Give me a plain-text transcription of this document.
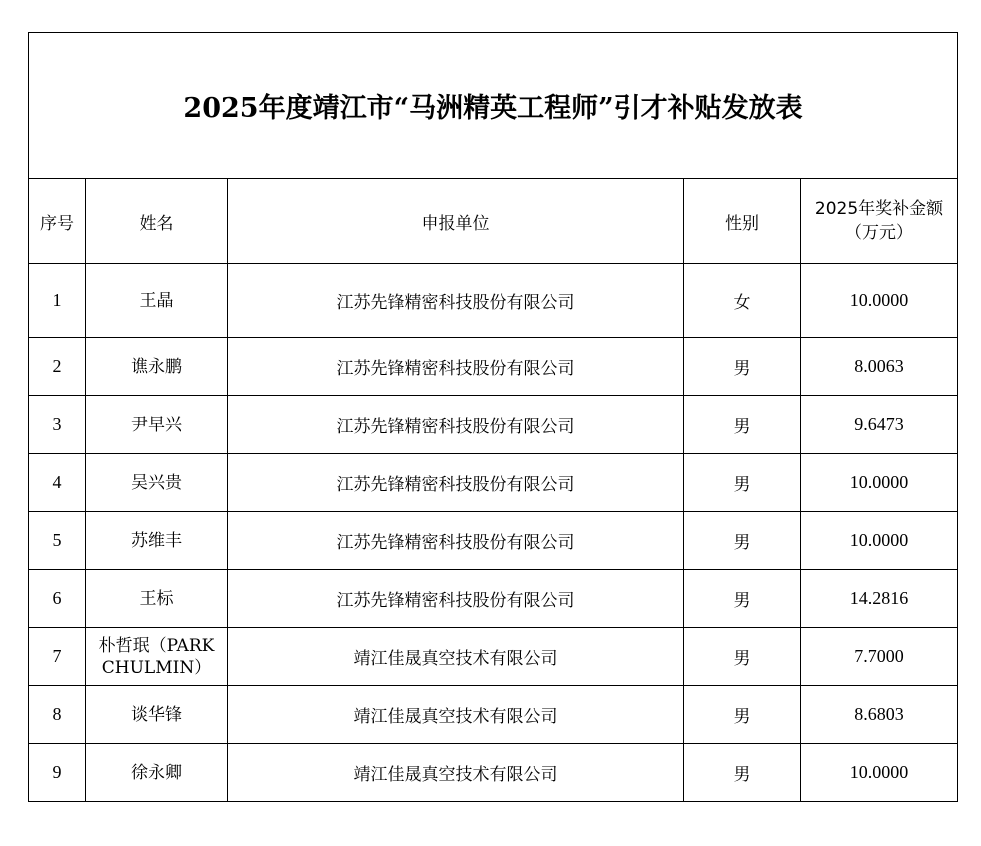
2025年度靖江市“马洲精英工程师”引才补贴发放表				
序号	姓名	申报单位	性别	2025年奖补金额
（万元）
1	王晶	江苏先锋精密科技股份有限公司	女	10.0000
2	谯永鹏	江苏先锋精密科技股份有限公司	男	8.0063
3	尹早兴	江苏先锋精密科技股份有限公司	男	9.6473
4	吴兴贵	江苏先锋精密科技股份有限公司	男	10.0000
5	苏维丰	江苏先锋精密科技股份有限公司	男	10.0000
6	王标	江苏先锋精密科技股份有限公司	男	14.2816
7	朴哲珉（PARK CHULMIN）	靖江佳晟真空技术有限公司	男	7.7000
8	谈华锋	靖江佳晟真空技术有限公司	男	8.6803
9	徐永卿	靖江佳晟真空技术有限公司	男	10.0000
